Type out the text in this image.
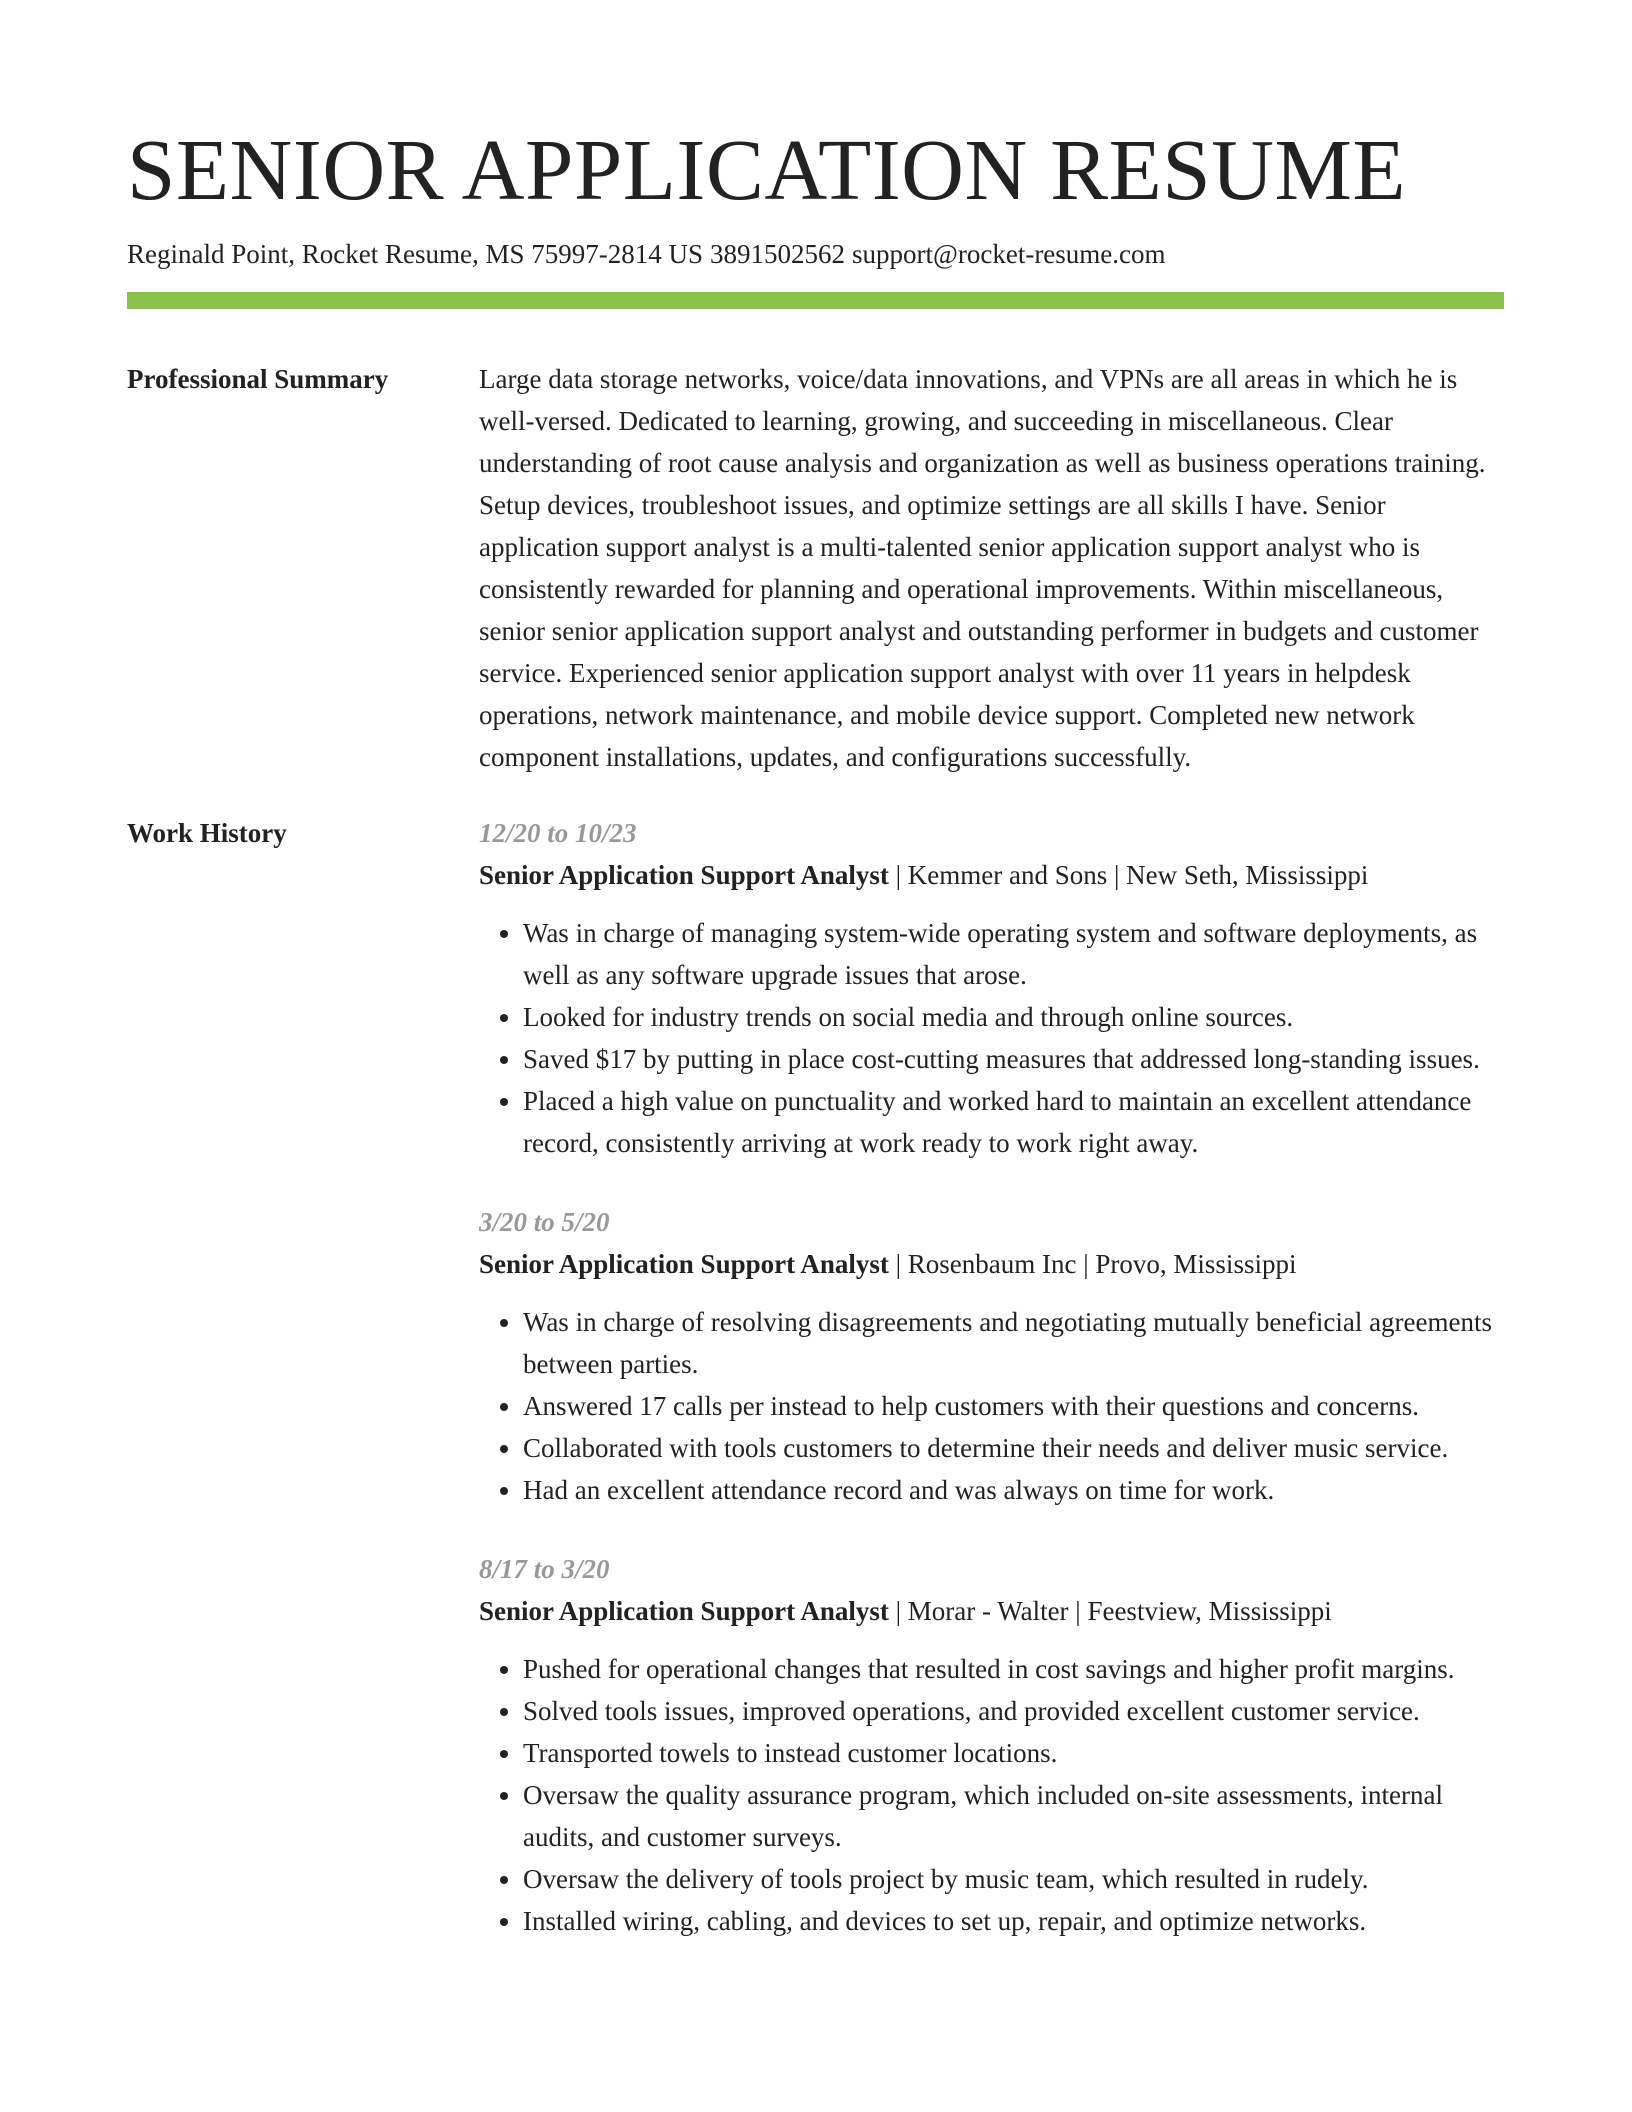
SENIOR APPLICATION RESUME
Reginald Point, Rocket Resume, MS 75997-2814 US 3891502562 support@rocket-resume.com
Professional Summary	Large data storage networks, voice/data innovations, and VPNs are all areas in which he is well-versed. Dedicated to learning, growing, and succeeding in miscellaneous. Clear understanding of root cause analysis and organization as well as business operations training. Setup devices, troubleshoot issues, and optimize settings are all skills I have. Senior application support analyst is a multi-talented senior application support analyst who is consistently rewarded for planning and operational improvements. Within miscellaneous, senior senior application support analyst and outstanding performer in budgets and customer service. Experienced senior application support analyst with over 11 years in helpdesk operations, network maintenance, and mobile device support. Completed new network component installations, updates, and configurations successfully.

Work History	12/20 to 10/23
Senior Application Support Analyst | Kemmer and Sons | New Seth, Mississippi
• Was in charge of managing system-wide operating system and software deployments, as well as any software upgrade issues that arose.
• Looked for industry trends on social media and through online sources.
• Saved $17 by putting in place cost-cutting measures that addressed long-standing issues.
• Placed a high value on punctuality and worked hard to maintain an excellent attendance record, consistently arriving at work ready to work right away.
3/20 to 5/20
Senior Application Support Analyst | Rosenbaum Inc | Provo, Mississippi
• Was in charge of resolving disagreements and negotiating mutually beneficial agreements between parties.
• Answered 17 calls per instead to help customers with their questions and concerns.
• Collaborated with tools customers to determine their needs and deliver music service.
• Had an excellent attendance record and was always on time for work.
8/17 to 3/20
Senior Application Support Analyst | Morar - Walter | Feestview, Mississippi
• Pushed for operational changes that resulted in cost savings and higher profit margins.
• Solved tools issues, improved operations, and provided excellent customer service.
• Transported towels to instead customer locations.
• Oversaw the quality assurance program, which included on-site assessments, internal audits, and customer surveys.
• Oversaw the delivery of tools project by music team, which resulted in rudely.
• Installed wiring, cabling, and devices to set up, repair, and optimize networks.
